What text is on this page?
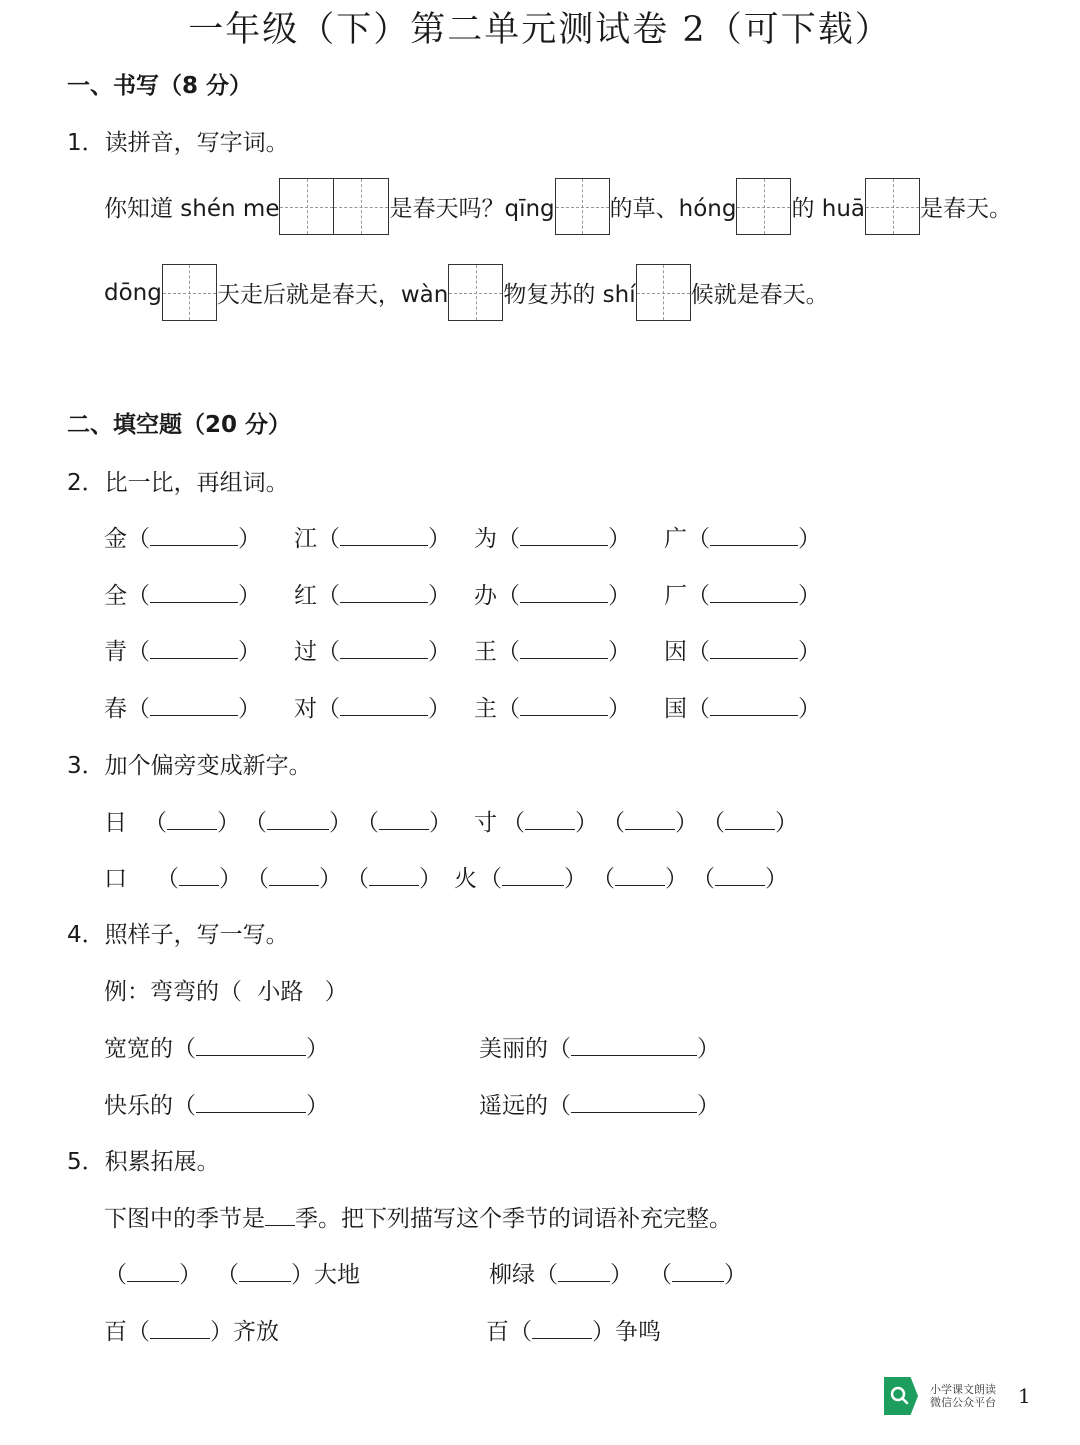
一年级（下）第二单元测试卷 2（可下载）
一、书写（8 分）
1．读拼音，写字词。
你知道 shén me	是春天吗？qīng 的草、hóng 的 huā 是春天。
dōng 天走后就是春天，wàn 物复苏的 shí 候就是春天。
二、填空题（20 分）
2．比一比，再组词。
金（	） 江（	） 为（	） 广（	）
全（	） 红（	） 办（	） 厂（	）
青（	） 过（	） 王（	） 因（	）
春（	） 对（	） 主（	） 国（	）
3．加个偏旁变成新字。
日 （ ） （	） （ ） 寸 （ ） （ ） （ ）
口 （ ） （ ） （ ） 火 （	） （ ） （ ）
4．照样子，写一写。
例：弯弯的（ 小路 ）
宽宽的（	）	美丽的（	）
快乐的（	）	遥远的（	）
5．积累拓展。
下图中的季节是 季。把下列描写这个季节的词语补充完整。
（ ） （ ）大地	柳绿（ ） （ ）
百（	）齐放	百（	）争鸣
小学课文朗读
微信公众平台 1
